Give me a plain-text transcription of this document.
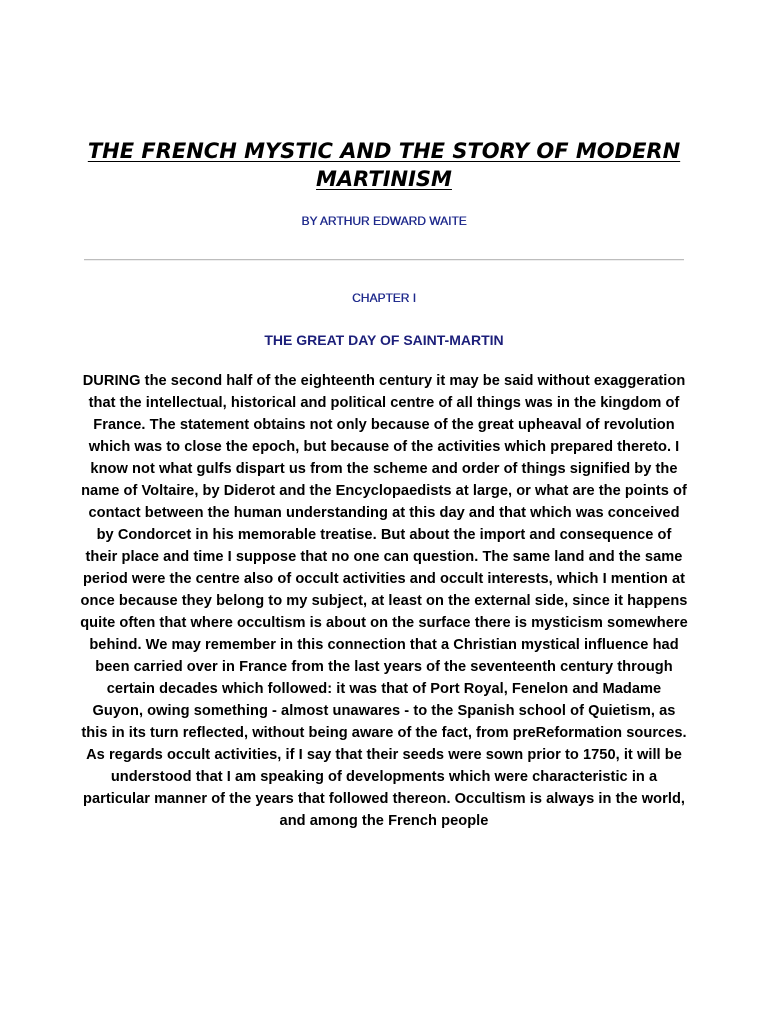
THE FRENCH MYSTIC AND THE STORY OF MODERN MARTINISM
BY ARTHUR EDWARD WAITE
CHAPTER I
THE GREAT DAY OF SAINT-MARTIN

DURING the second half of the eighteenth century it may be said without exaggeration that the intellectual, historical and political centre of all things was in the kingdom of France. The statement obtains not only because of the great upheaval of revolution which was to close the epoch, but because of the activities which prepared thereto. I know not what gulfs dispart us from the scheme and order of things signified by the name of Voltaire, by Diderot and the Encyclopaedists at large, or what are the points of contact between the human understanding at this day and that which was conceived by Condorcet in his memorable treatise. But about the import and consequence of their place and time I suppose that no one can question. The same land and the same period were the centre also of occult activities and occult interests, which I mention at once because they belong to my subject, at least on the external side, since it happens quite often that where occultism is about on the surface there is mysticism somewhere behind. We may remember in this connection that a Christian mystical influence had been carried over in France from the last years of the seventeenth century through certain decades which followed: it was that of Port Royal, Fenelon and Madame Guyon, owing something - almost unawares - to the Spanish school of Quietism, as this in its turn reflected, without being aware of the fact, from preReformation sources.

As regards occult activities, if I say that their seeds were sown prior to 1750, it will be understood that I am speaking of developments which were characteristic in a particular manner of the years that followed thereon. Occultism is always in the world, and among the French people
